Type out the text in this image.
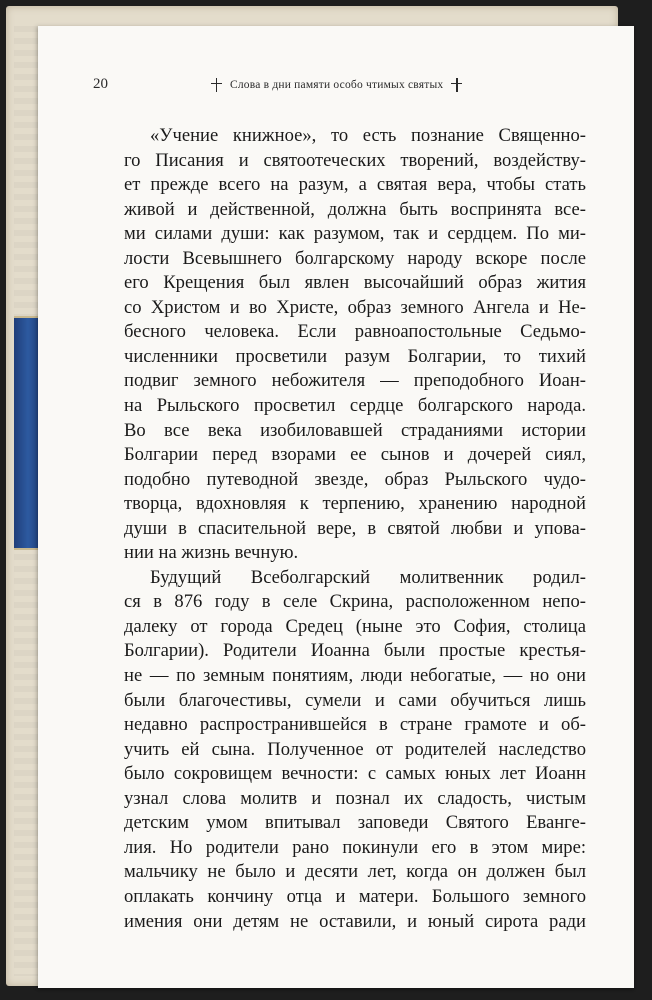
20	Слова в дни памяти особо чтимых святых
«Учение книжное», то есть познание Священно-
го Писания и святоотеческих творений, воздейству-
ет прежде всего на разум, а святая вера, чтобы стать
живой и действенной, должна быть воспринята все-
ми силами души: как разумом, так и сердцем. По ми-
лости Всевышнего болгарскому народу вскоре после
его Крещения был явлен высочайший образ жития
со Христом и во Христе, образ земного Ангела и Не-
бесного человека. Если равноапостольные Седьмо-
численники просветили разум Болгарии, то тихий
подвиг земного небожителя — преподобного Иоан-
на Рыльского просветил сердце болгарского народа.
Во все века изобиловавшей страданиями истории
Болгарии перед взорами ее сынов и дочерей сиял,
подобно путеводной звезде, образ Рыльского чудо-
творца, вдохновляя к терпению, хранению народной
души в спасительной вере, в святой любви и упова-
нии на жизнь вечную.
Будущий Всеболгарский молитвенник родил-
ся в 876 году в селе Скрина, расположенном непо-
далеку от города Средец (ныне это София, столица
Болгарии). Родители Иоанна были простые крестья-
не — по земным понятиям, люди небогатые, — но они
были благочестивы, сумели и сами обучиться лишь
недавно распространившейся в стране грамоте и об-
учить ей сына. Полученное от родителей наследство
было сокровищем вечности: с самых юных лет Иоанн
узнал слова молитв и познал их сладость, чистым
детским умом впитывал заповеди Святого Еванге-
лия. Но родители рано покинули его в этом мире:
мальчику не было и десяти лет, когда он должен был
оплакать кончину отца и матери. Большого земного
имения они детям не оставили, и юный сирота ради
